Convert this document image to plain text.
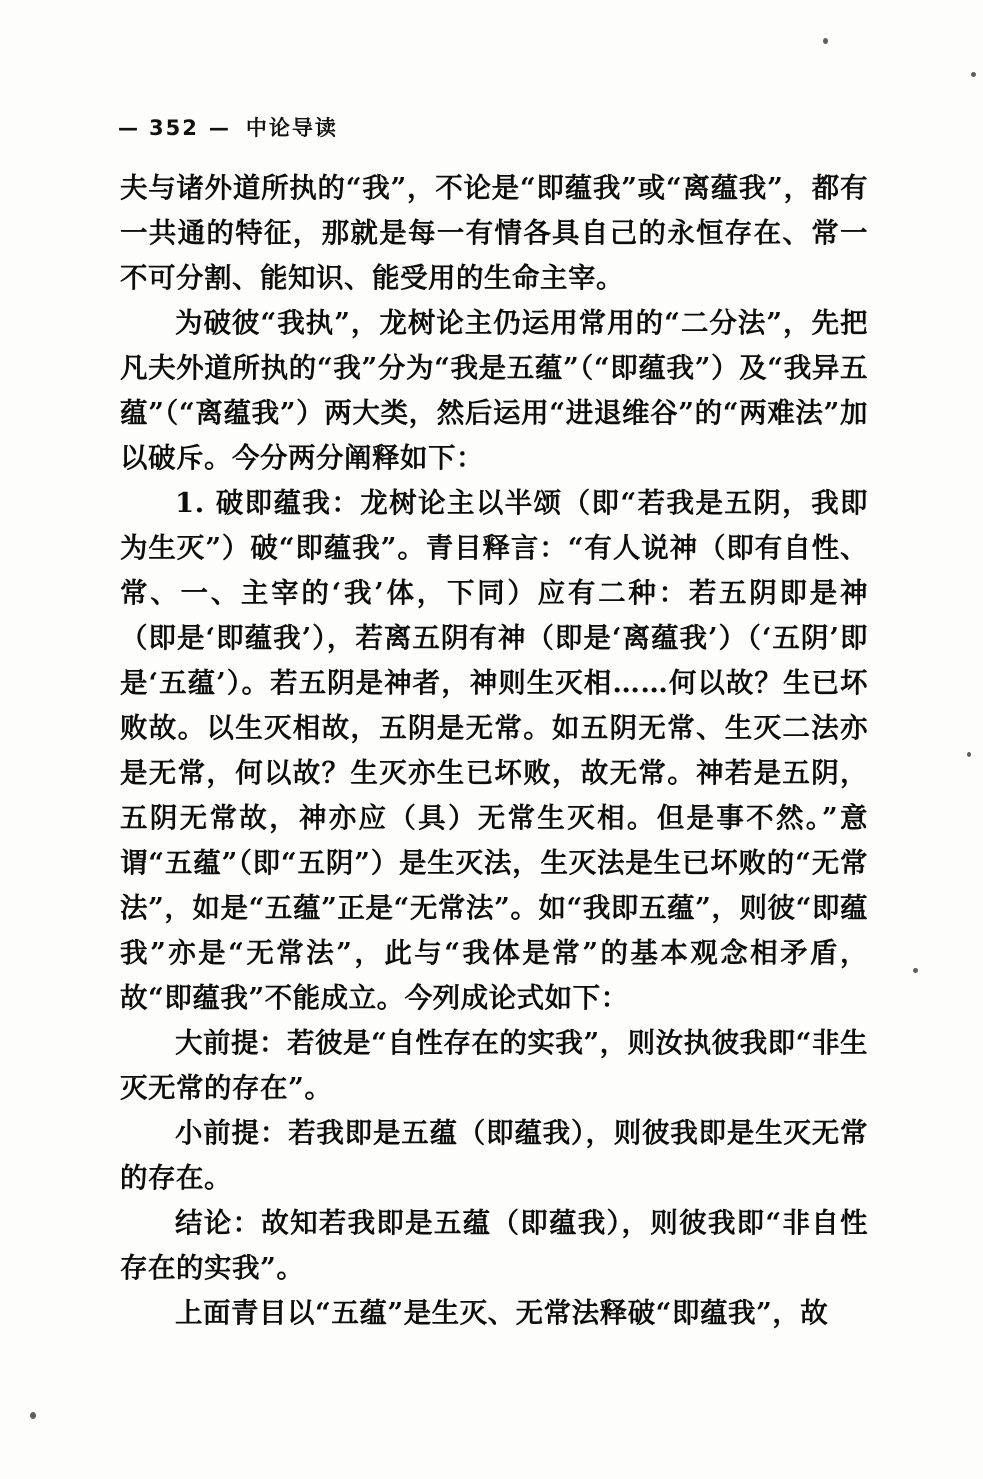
— 352 — 中论导读

夫与诸外道所执的“我”，不论是“即蕴我”或“离蕴我”，都有一共通的特征，那就是每一有情各具自己的永恒存在、常一不可分割、能知识、能受用的生命主宰。

为破彼“我执”，龙树论主仍运用常用的“二分法”，先把凡夫外道所执的“我”分为“我是五蕴”（“即蕴我”）及“我异五蕴”（“离蕴我”）两大类，然后运用“进退维谷”的“两难法”加以破斥。今分两分阐释如下：

1. 破即蕴我：龙树论主以半颂（即“若我是五阴，我即为生灭”）破“即蕴我”。青目释言：“有人说神（即有自性、常、一、主宰的‘我’体，下同）应有二种：若五阴即是神（即是‘即蕴我’），若离五阴有神（即是‘离蕴我’）（‘五阴’即是‘五蕴’）。若五阴是神者，神则生灭相……何以故？生已坏败故。以生灭相故，五阴是无常。如五阴无常、生灭二法亦是无常，何以故？生灭亦生已坏败，故无常。神若是五阴，五阴无常故，神亦应（具）无常生灭相。但是事不然。”意谓“五蕴”（即“五阴”）是生灭法，生灭法是生已坏败的“无常法”，如是“五蕴”正是“无常法”。如“我即五蕴”，则彼“即蕴我”亦是“无常法”，此与“我体是常”的基本观念相矛盾，故“即蕴我”不能成立。今列成论式如下：

大前提：若彼是“自性存在的实我”，则汝执彼我即“非生灭无常的存在”。

小前提：若我即是五蕴（即蕴我），则彼我即是生灭无常的存在。

结论：故知若我即是五蕴（即蕴我），则彼我即“非自性存在的实我”。

上面青目以“五蕴”是生灭、无常法释破“即蕴我”，故
